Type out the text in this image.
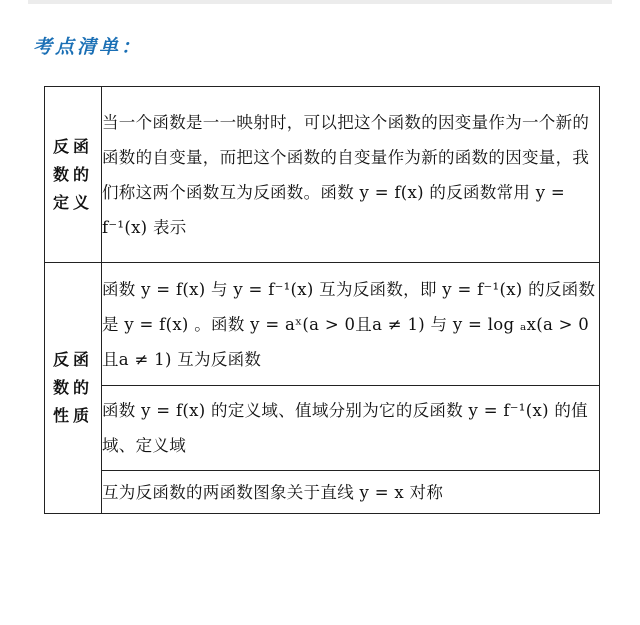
考点清单：
反函数的定义	当一个函数是一一映射时，可以把这个函数的因变量作为一个新的函数的自变量，而把这个函数的自变量作为新的函数的因变量，我们称这两个函数互为反函数。函数 y = f(x) 的反函数常用 y = f⁻¹(x) 表示
反函数的性质	函数 y = f(x) 与 y = f⁻¹(x) 互为反函数，即 y = f⁻¹(x) 的反函数是 y = f(x) 。函数 y = aˣ(a > 0且a ≠ 1) 与 y = log ₐx(a > 0且a ≠ 1) 互为反函数
	函数 y = f(x) 的定义域、值域分别为它的反函数 y = f⁻¹(x) 的值域、定义域
	互为反函数的两函数图象关于直线 y = x 对称
